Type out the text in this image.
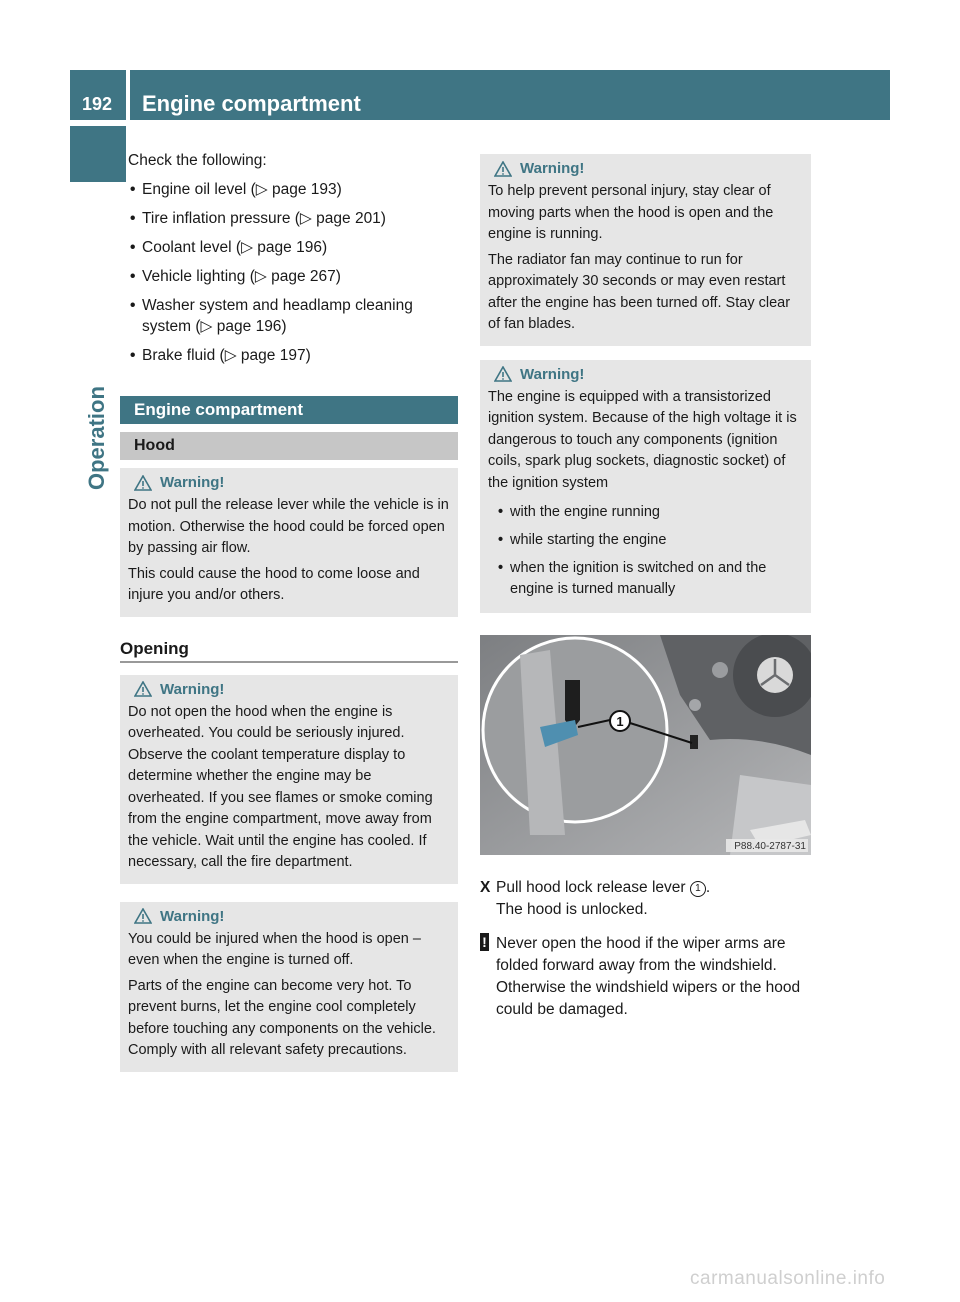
192 Engine compartment
Operation

Check the following:

• Engine oil level (▷ page 193)
• Tire inflation pressure (▷ page 201)
• Coolant level (▷ page 196)
• Vehicle lighting (▷ page 267)
• Washer system and headlamp cleaning system (▷ page 196)
• Brake fluid (▷ page 197)
Engine compartment
Hood
Warning!

Do not pull the release lever while the vehicle is in motion. Otherwise the hood could be forced open by passing air flow.

This could cause the hood to come loose and injure you and/or others.

Opening
Warning!

Do not open the hood when the engine is overheated. You could be seriously injured. Observe the coolant temperature display to determine whether the engine may be overheated. If you see flames or smoke coming from the engine compartment, move away from the vehicle. Wait until the engine has cooled. If necessary, call the fire department.

Warning!

You could be injured when the hood is open – even when the engine is turned off.

Parts of the engine can become very hot. To prevent burns, let the engine cool completely before touching any components on the vehicle. Comply with all relevant safety precautions.

Warning!

To help prevent personal injury, stay clear of moving parts when the hood is open and the engine is running.

The radiator fan may continue to run for approximately 30 seconds or may even restart after the engine has been turned off. Stay clear of fan blades.

Warning!

The engine is equipped with a transistorized ignition system. Because of the high voltage it is dangerous to touch any components (ignition coils, spark plug sockets, diagnostic socket) of the ignition system

• with the engine running
• while starting the engine
• when the ignition is switched on and the engine is turned manually
1
P88.40-2787-31
X Pull hood lock release lever 1 .
The hood is unlocked.
! Never open the hood if the wiper arms are folded forward away from the windshield. Otherwise the windshield wipers or the hood could be damaged.
carmanualsonline.info
